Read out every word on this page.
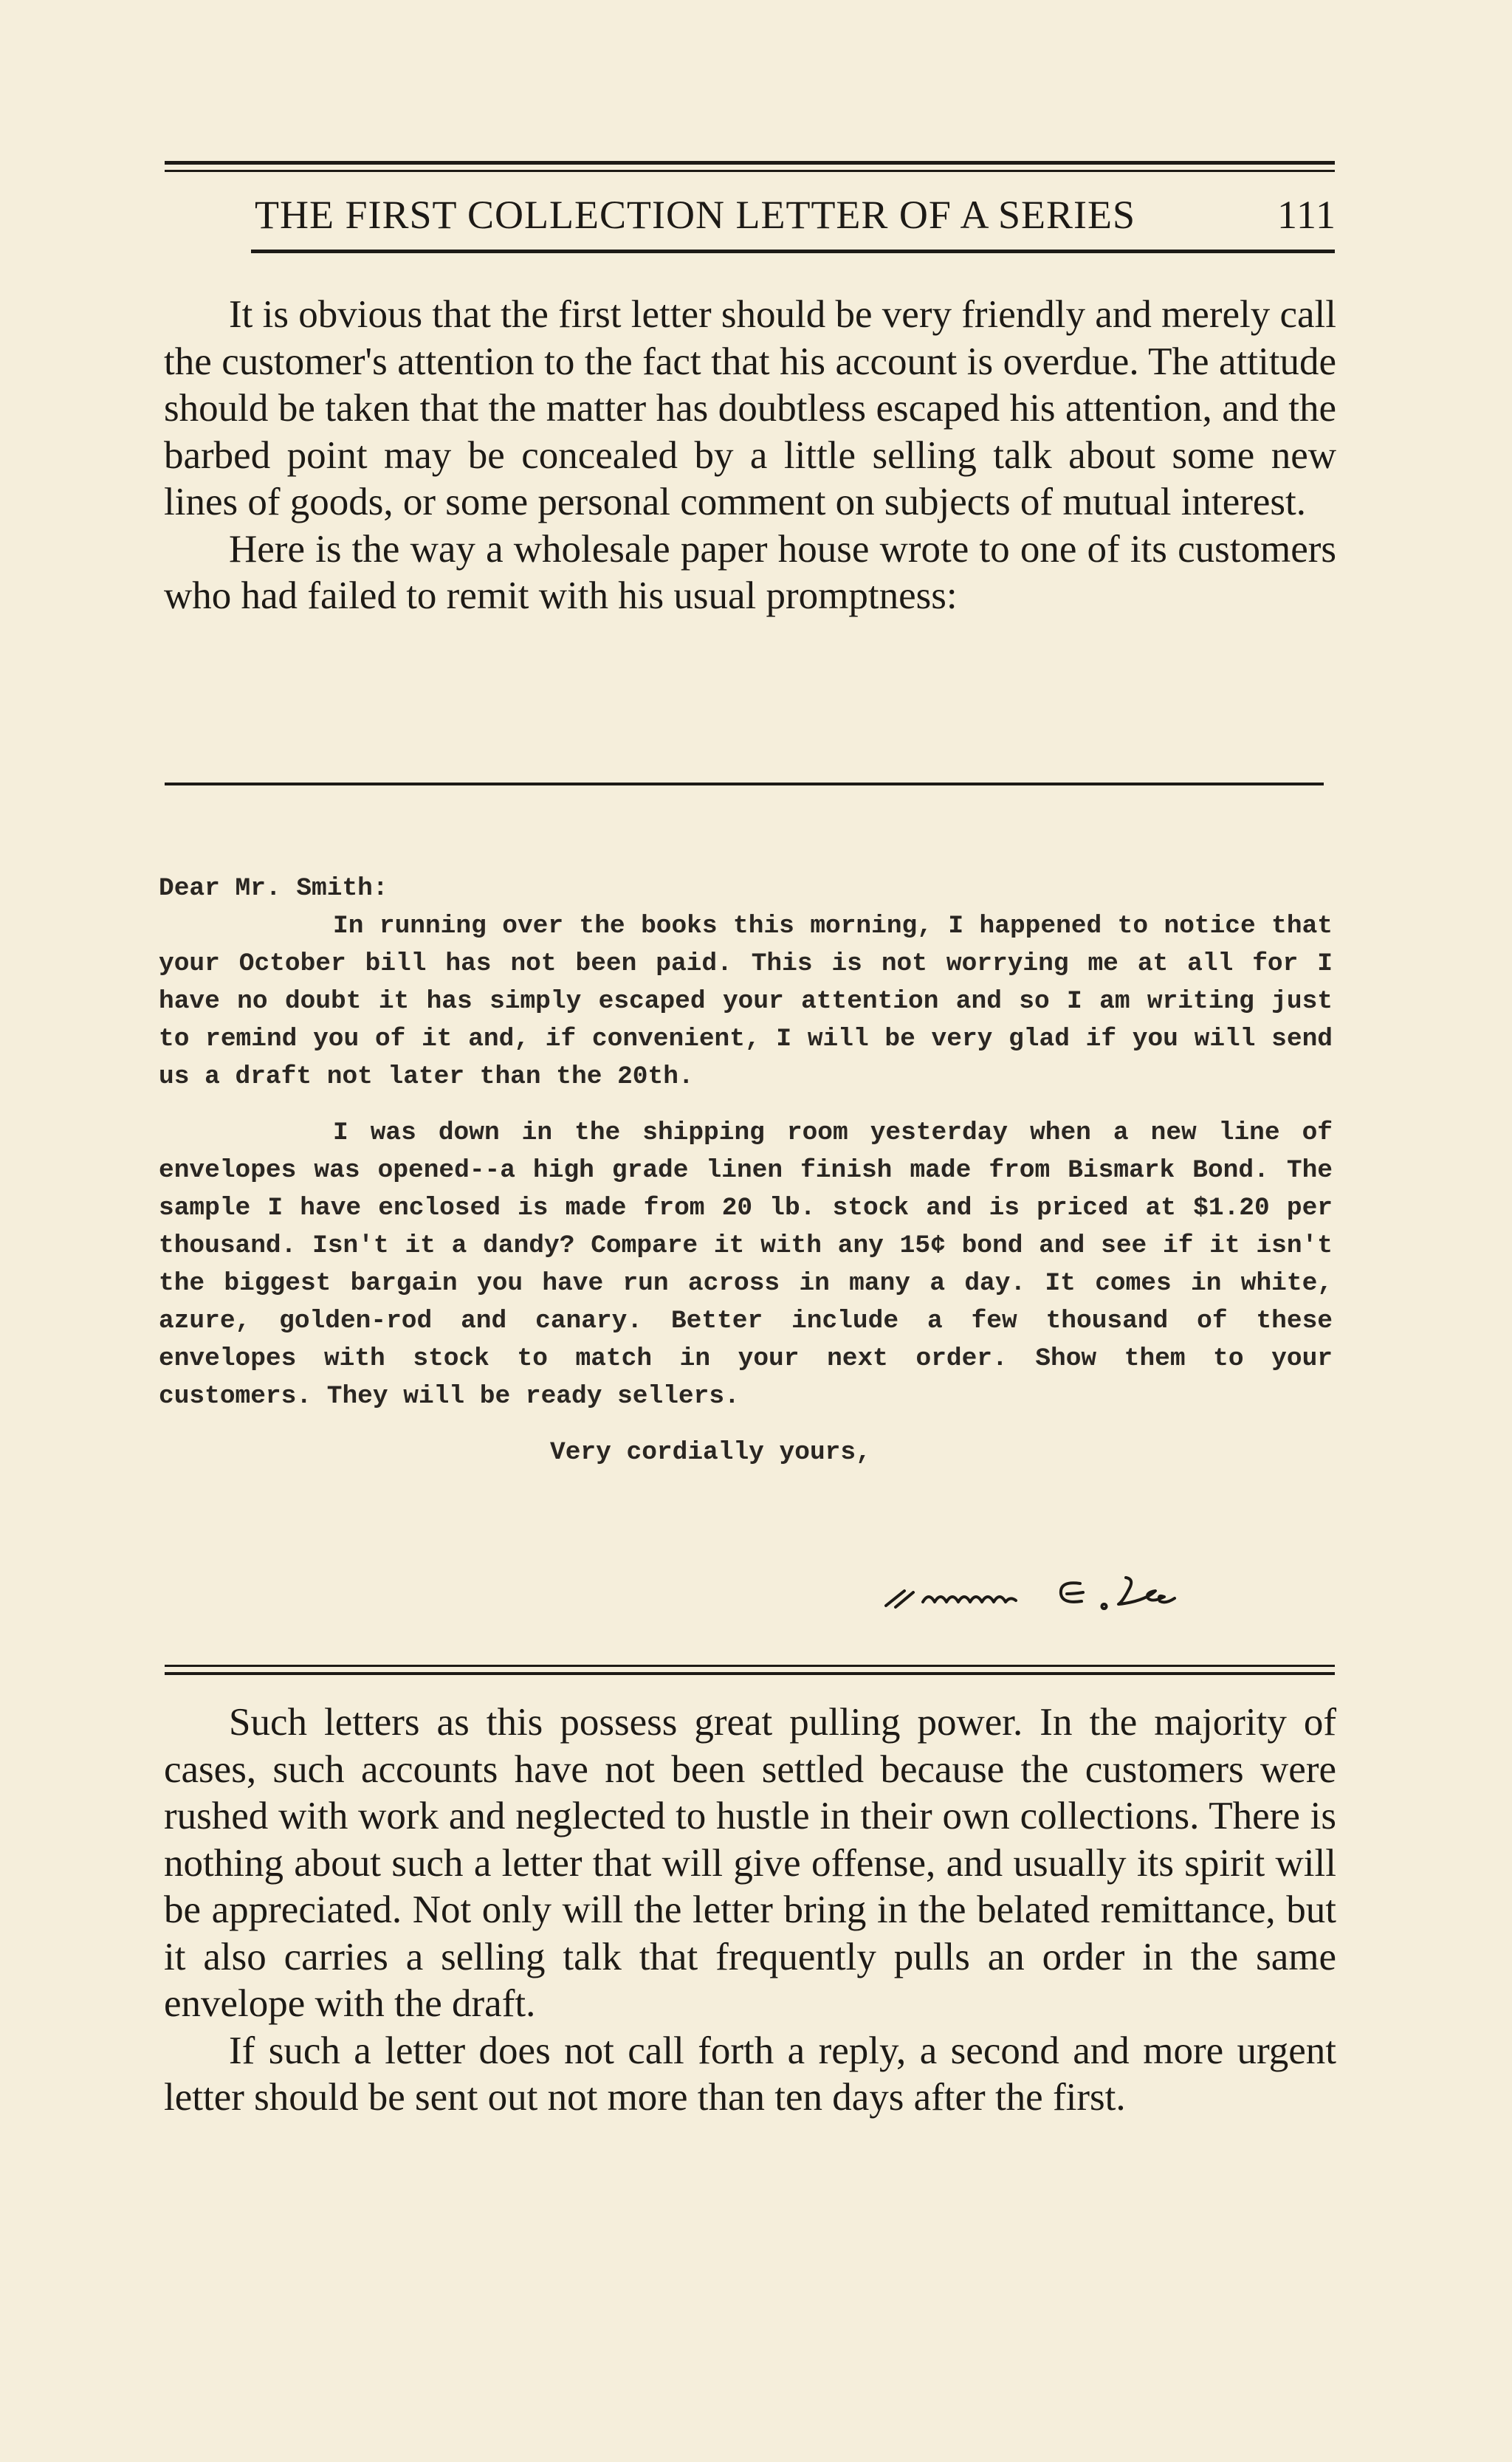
THE FIRST COLLECTION LETTER OF A SERIES	111

It is obvious that the first letter should be very friendly and merely call the customer's attention to the fact that his account is overdue. The attitude should be taken that the matter has doubtless escaped his attention, and the barbed point may be concealed by a little selling talk about some new lines of goods, or some personal comment on subjects of mutual interest.

Here is the way a wholesale paper house wrote to one of its customers who had failed to remit with his usual promptness:

Dear Mr. Smith:

In running over the books this morning, I happened to notice that your October bill has not been paid. This is not worrying me at all for I have no doubt it has simply escaped your attention and so I am writing just to remind you of it and, if convenient, I will be very glad if you will send us a draft not later than the 20th.

I was down in the shipping room yesterday when a new line of envelopes was opened--a high grade linen finish made from Bismark Bond. The sample I have enclosed is made from 20 lb. stock and is priced at $1.20 per thousand. Isn't it a dandy? Compare it with any 15¢ bond and see if it isn't the biggest bargain you have run across in many a day. It comes in white, azure, golden-rod and canary. Better include a few thousand of these envelopes with stock to match in your next order. Show them to your customers. They will be ready sellers.

Very cordially yours,

Such letters as this possess great pulling power. In the majority of cases, such accounts have not been settled because the customers were rushed with work and neglected to hustle in their own collections. There is nothing about such a letter that will give offense, and usually its spirit will be appreciated. Not only will the letter bring in the belated remittance, but it also carries a selling talk that frequently pulls an order in the same envelope with the draft.

If such a letter does not call forth a reply, a second and more urgent letter should be sent out not more than ten days after the first.
